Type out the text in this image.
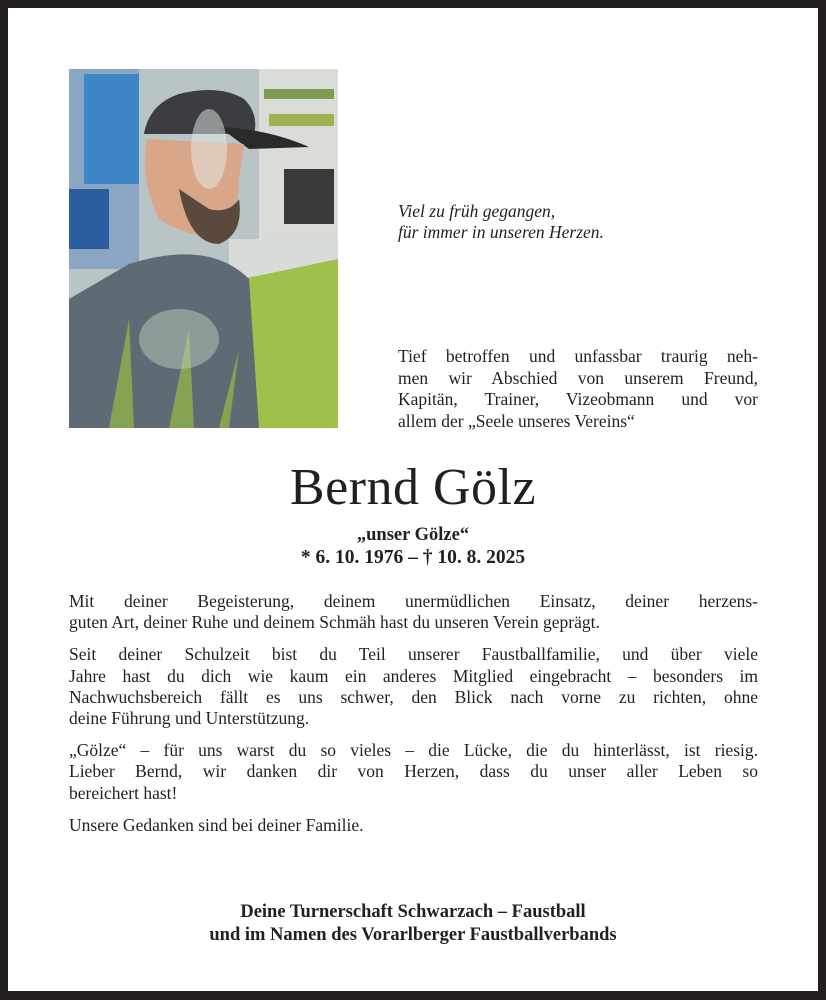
Viel zu früh gegangen,
für immer in unseren Herzen.
Tief betroffen und unfassbar traurig neh-
men wir Abschied von unserem Freund,
Kapitän, Trainer, Vizeobmann und vor
allem der „Seele unseres Vereins“
Bernd Gölz
„unser Gölze“
* 6. 10. 1976 – † 10. 8. 2025

Mit deiner Begeisterung, deinem unermüdlichen Einsatz, deiner herzens-
guten Art, deiner Ruhe und deinem Schmäh hast du unseren Verein geprägt.

Seit deiner Schulzeit bist du Teil unserer Faustballfamilie, und über viele
Jahre hast du dich wie kaum ein anderes Mitglied eingebracht – besonders im
Nachwuchsbereich fällt es uns schwer, den Blick nach vorne zu richten, ohne
deine Führung und Unterstützung.

„Gölze“ – für uns warst du so vieles – die Lücke, die du hinterlässt, ist riesig.
Lieber Bernd, wir danken dir von Herzen, dass du unser aller Leben so
bereichert hast!

Unsere Gedanken sind bei deiner Familie.

Deine Turnerschaft Schwarzach – Faustball
und im Namen des Vorarlberger Faustballverbands
